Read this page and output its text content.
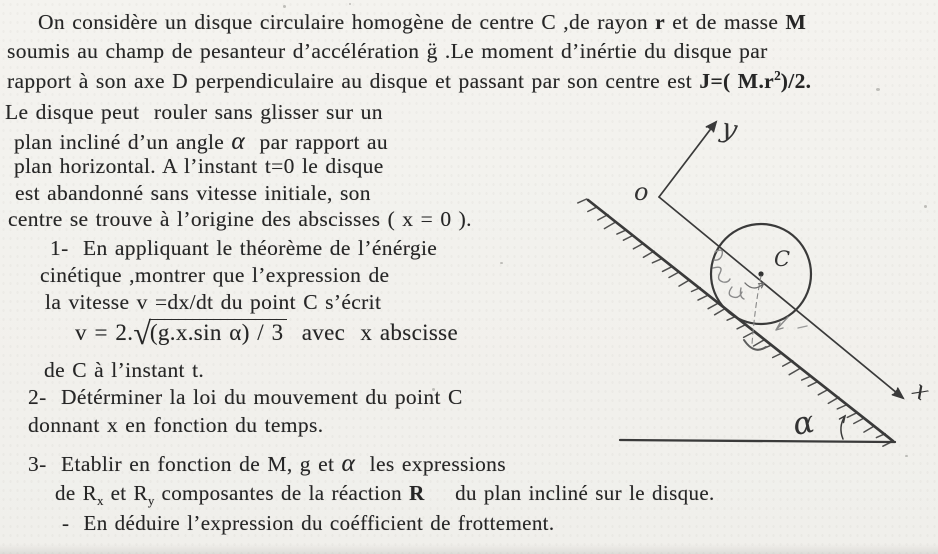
On considère un disque circulaire homogène de centre C ,de rayon r et de masse M
soumis au champ de pesanteur d’accélération g̈ .Le moment d’inértie du disque par
rapport à son axe D perpendiculaire au disque et passant par son centre est J=( $M.r^2)/2$.
Le disque peut  rouler sans glisser sur un
plan incliné d’un angle α  par rapport au
plan horizontal. A l’instant t=0 le disque
est abandonné sans vitesse initiale, son
centre se trouve à l’origine des abscisses ( x = 0 ).
1-  En appliquant le théorème de l’énérgie
cinétique ,montrer que l’expression de
la vitesse v =dx/dt du point C s’écrit
v = 2.√(g.x.sin α) / 3  avec  x abscisse
de C à l’instant t.
2-  Détérminer la loi du mouvement du point C
donnant x en fonction du temps.
3-  Etablir en fonction de M, g et α  les expressions
de $R_x$ et $R_y$ composantes de la réaction R⃗  du plan incliné sur le disque.
-  En déduire l’expression du coéfficient de frottement.
o
y
x
C
α
